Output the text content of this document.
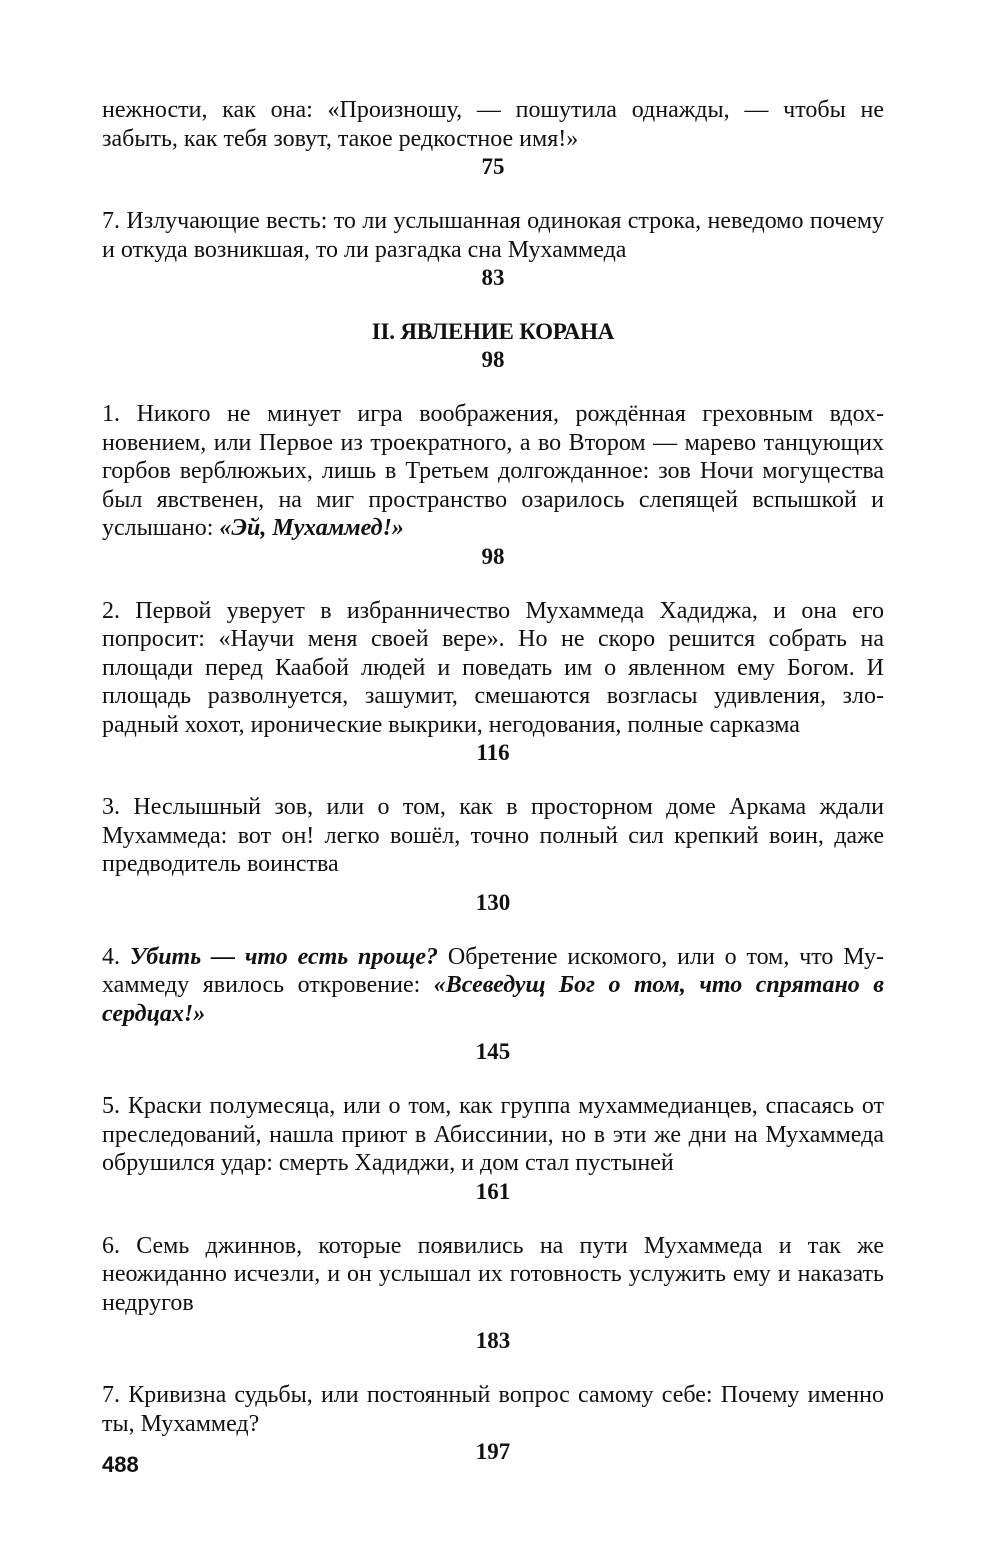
нежности, как она: «Произношу, — пошутила однажды, — чтобы не забыть, как тебя зовут, такое редкостное имя!»

75

7. Излучающие весть: то ли услышанная одинокая строка, неведомо почему и откуда возникшая, то ли разгадка сна Мухаммеда

83

II. ЯВЛЕНИЕ КОРАНА

98

1. Никого не минует игра воображения, рождённая греховным вдохновением, или Первое из троекратного, а во Втором — марево танцующих горбов верблюжьих, лишь в Третьем долгожданное: зов Ночи могущества был явственен, на миг пространство озарилось слепящей вспышкой и услышано: «Эй, Мухаммед!»

98

2. Первой уверует в избранничество Мухаммеда Хадиджа, и она его попросит: «Научи меня своей вере». Но не скоро решится собрать на площади перед Каабой людей и поведать им о явленном ему Богом. И площадь разволнуется, зашумит, смешаются возгласы удивления, злорадный хохот, иронические выкрики, негодования, полные сарказма

116

3. Неслышный зов, или о том, как в просторном доме Аркама ждали Мухаммеда: вот он! легко вошёл, точно полный сил крепкий воин, даже предводитель воинства

130

4. Убить — что есть проще? Обретение искомого, или о том, что Мухаммеду явилось откровение: «Всеведущ Бог о том, что спрятано в сердцах!»

145

5. Краски полумесяца, или о том, как группа мухаммедианцев, спасаясь от преследований, нашла приют в Абиссинии, но в эти же дни на Мухаммеда обрушился удар: смерть Хадиджи, и дом стал пустыней

161

6. Семь джиннов, которые появились на пути Мухаммеда и так же неожиданно исчезли, и он услышал их готовность услужить ему и наказать недругов

183

7. Кривизна судьбы, или постоянный вопрос самому себе: Почему именно ты, Мухаммед?

197

488
